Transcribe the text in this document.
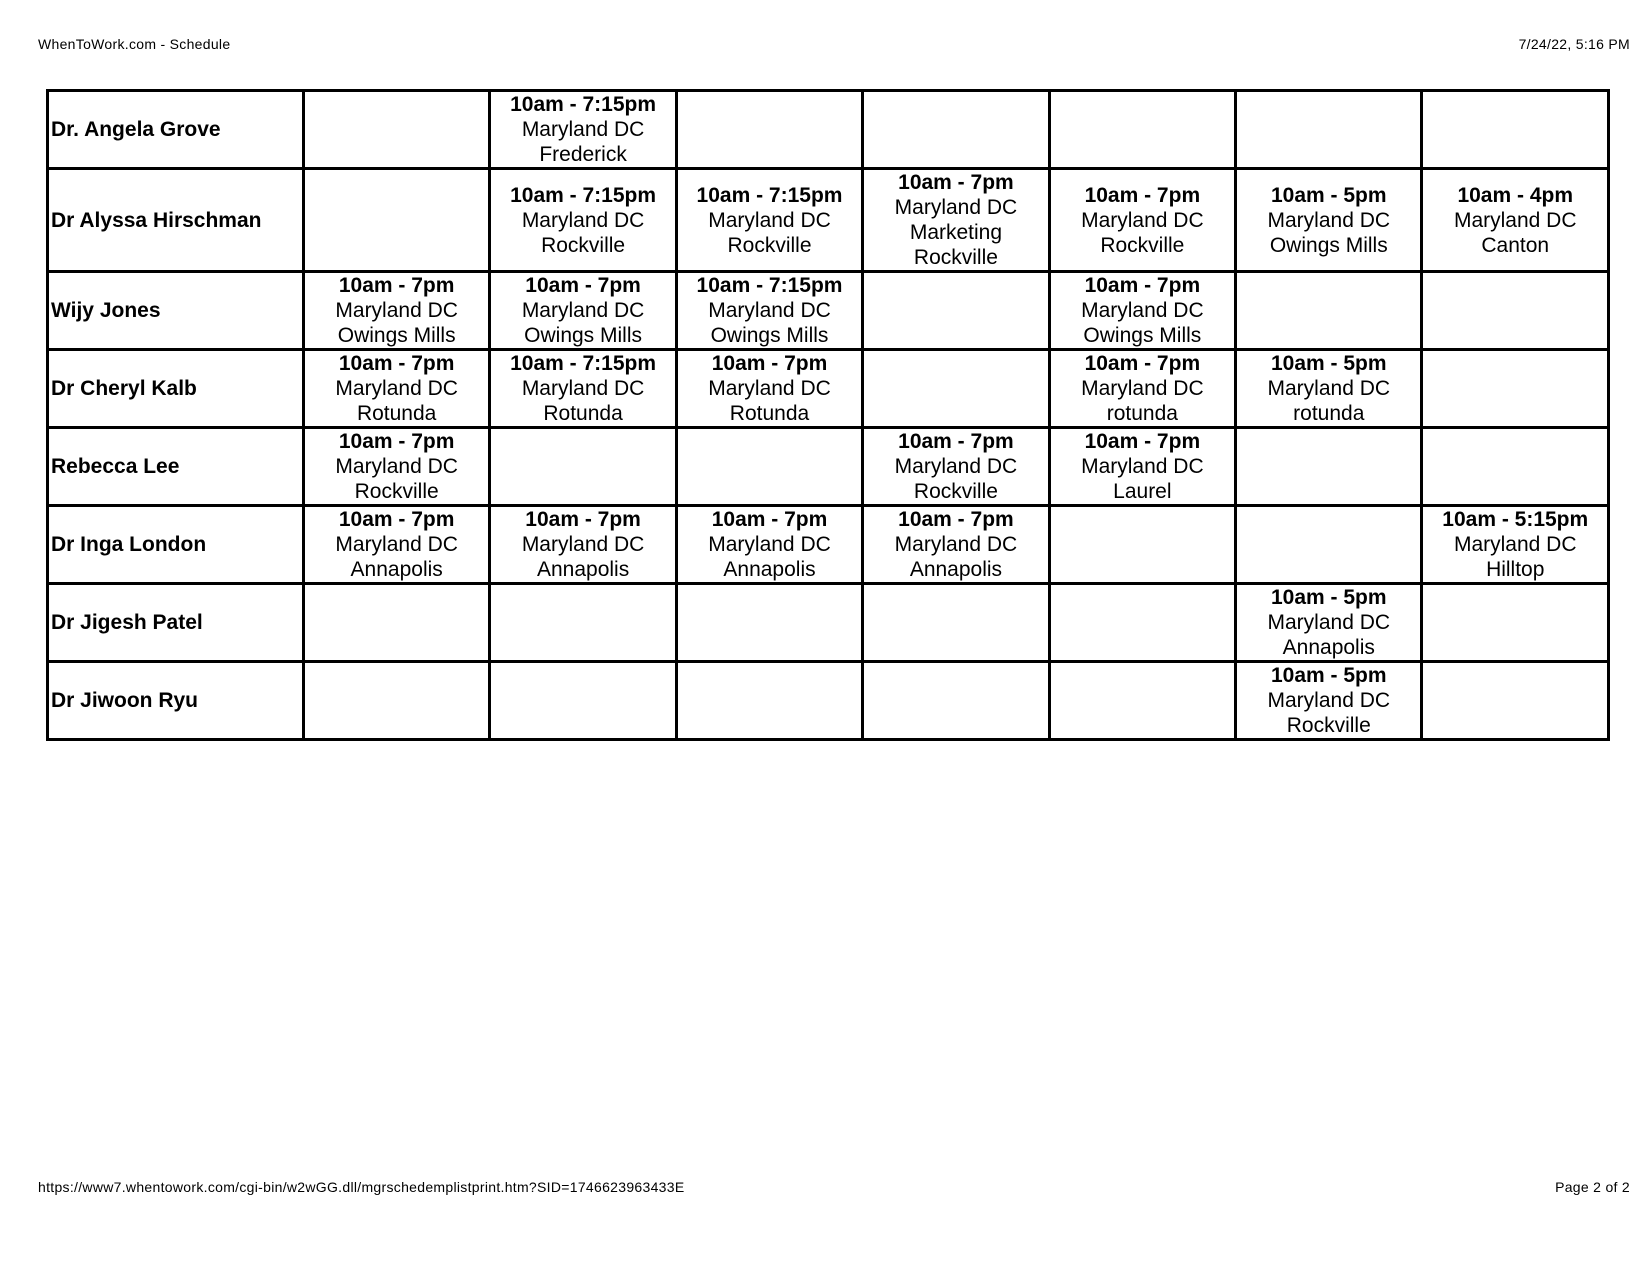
WhenToWork.com - Schedule	7/24/22, 5:16 PM
Dr. Angela Grove		10am - 7:15pm
Maryland DC
Frederick					

Dr Alyssa Hirschman		10am - 7:15pm
Maryland DC
Rockville	10am - 7:15pm
Maryland DC
Rockville	10am - 7pm
Maryland DC
Marketing
Rockville	10am - 7pm
Maryland DC
Rockville	10am - 5pm
Maryland DC
Owings Mills	10am - 4pm
Maryland DC
Canton

Wijy Jones	10am - 7pm
Maryland DC
Owings Mills	10am - 7pm
Maryland DC
Owings Mills	10am - 7:15pm
Maryland DC
Owings Mills		10am - 7pm
Maryland DC
Owings Mills		

Dr Cheryl Kalb	10am - 7pm
Maryland DC
Rotunda	10am - 7:15pm
Maryland DC
Rotunda	10am - 7pm
Maryland DC
Rotunda		10am - 7pm
Maryland DC
rotunda	10am - 5pm
Maryland DC
rotunda	

Rebecca Lee	10am - 7pm
Maryland DC
Rockville			10am - 7pm
Maryland DC
Rockville	10am - 7pm
Maryland DC
Laurel		

Dr Inga London	10am - 7pm
Maryland DC
Annapolis	10am - 7pm
Maryland DC
Annapolis	10am - 7pm
Maryland DC
Annapolis	10am - 7pm
Maryland DC
Annapolis			10am - 5:15pm
Maryland DC
Hilltop

Dr Jigesh Patel						10am - 5pm
Maryland DC
Annapolis	

Dr Jiwoon Ryu						10am - 5pm
Maryland DC
Rockville	

https://www7.whentowork.com/cgi-bin/w2wGG.dll/mgrschedemplistprint.htm?SID=1746623963433E	Page 2 of 2
